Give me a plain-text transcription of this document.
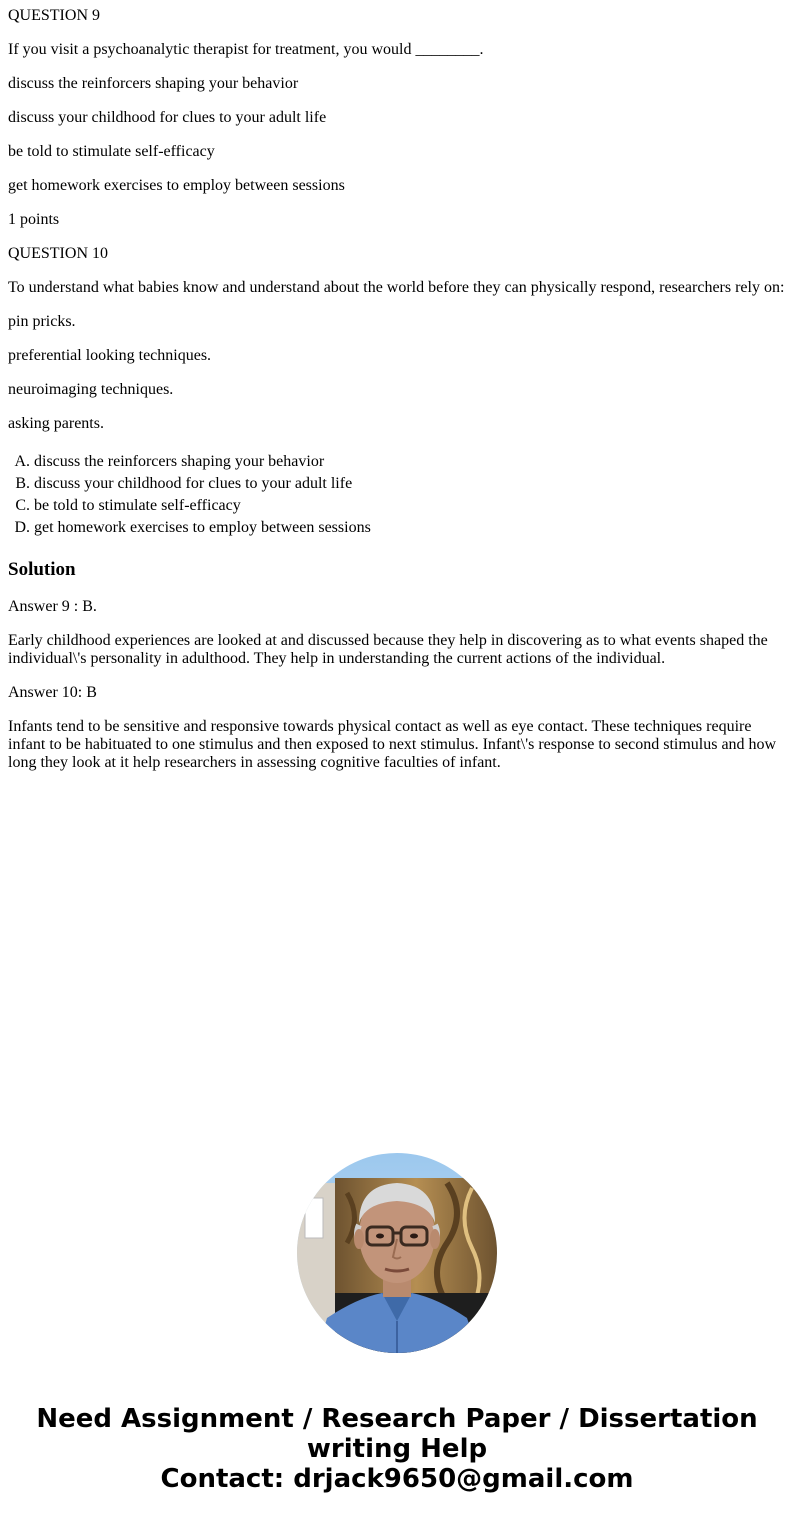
QUESTION 9

If you visit a psychoanalytic therapist for treatment, you would ________.

discuss the reinforcers shaping your behavior

discuss your childhood for clues to your adult life

be told to stimulate self-efficacy

get homework exercises to employ between sessions

1 points

QUESTION 10

To understand what babies know and understand about the world before they can physically respond, researchers rely on:

pin pricks.

preferential looking techniques.

neuroimaging techniques.

asking parents.

A. discuss the reinforcers shaping your behavior
B. discuss your childhood for clues to your adult life
C. be told to stimulate self-efficacy
D. get homework exercises to employ between sessions
Solution

Answer 9 : B.

Early childhood experiences are looked at and discussed because they help in discovering as to what events shaped the individual\'s personality in adulthood. They help in understanding the current actions of the individual.

Answer 10: B

Infants tend to be sensitive and responsive towards physical contact as well as eye contact. These techniques require infant to be habituated to one stimulus and then exposed to next stimulus. Infant\'s response to second stimulus and how long they look at it help researchers in assessing cognitive faculties of infant.

Need Assignment / Research Paper / Dissertation
writing Help
Contact: drjack9650@gmail.com
